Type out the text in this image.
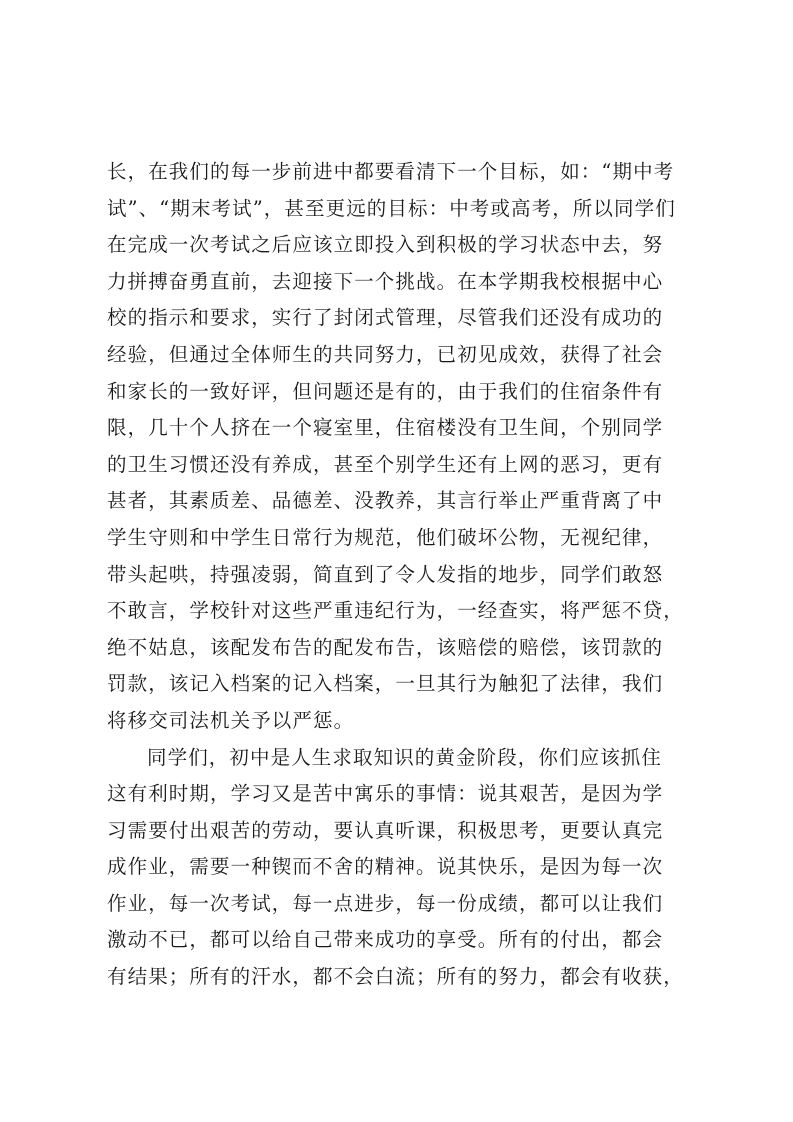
长，在我们的每一步前进中都要看清下一个目标，如：“期中考
试”、“期末考试”，甚至更远的目标：中考或高考，所以同学们
在完成一次考试之后应该立即投入到积极的学习状态中去，努
力拼搏奋勇直前，去迎接下一个挑战。在本学期我校根据中心
校的指示和要求，实行了封闭式管理，尽管我们还没有成功的
经验，但通过全体师生的共同努力，已初见成效，获得了社会
和家长的一致好评，但问题还是有的，由于我们的住宿条件有
限，几十个人挤在一个寝室里，住宿楼没有卫生间，个别同学
的卫生习惯还没有养成，甚至个别学生还有上网的恶习，更有
甚者，其素质差、品德差、没教养，其言行举止严重背离了中
学生守则和中学生日常行为规范，他们破坏公物，无视纪律，
带头起哄，持强凌弱，简直到了令人发指的地步，同学们敢怒
不敢言，学校针对这些严重违纪行为，一经查实，将严惩不贷，
绝不姑息，该配发布告的配发布告，该赔偿的赔偿，该罚款的
罚款，该记入档案的记入档案，一旦其行为触犯了法律，我们
将移交司法机关予以严惩。
同学们，初中是人生求取知识的黄金阶段，你们应该抓住
这有利时期，学习又是苦中寓乐的事情：说其艰苦，是因为学
习需要付出艰苦的劳动，要认真听课，积极思考，更要认真完
成作业，需要一种锲而不舍的精神。说其快乐，是因为每一次
作业，每一次考试，每一点进步，每一份成绩，都可以让我们
激动不已，都可以给自己带来成功的享受。所有的付出，都会
有结果；所有的汗水，都不会白流；所有的努力，都会有收获，
